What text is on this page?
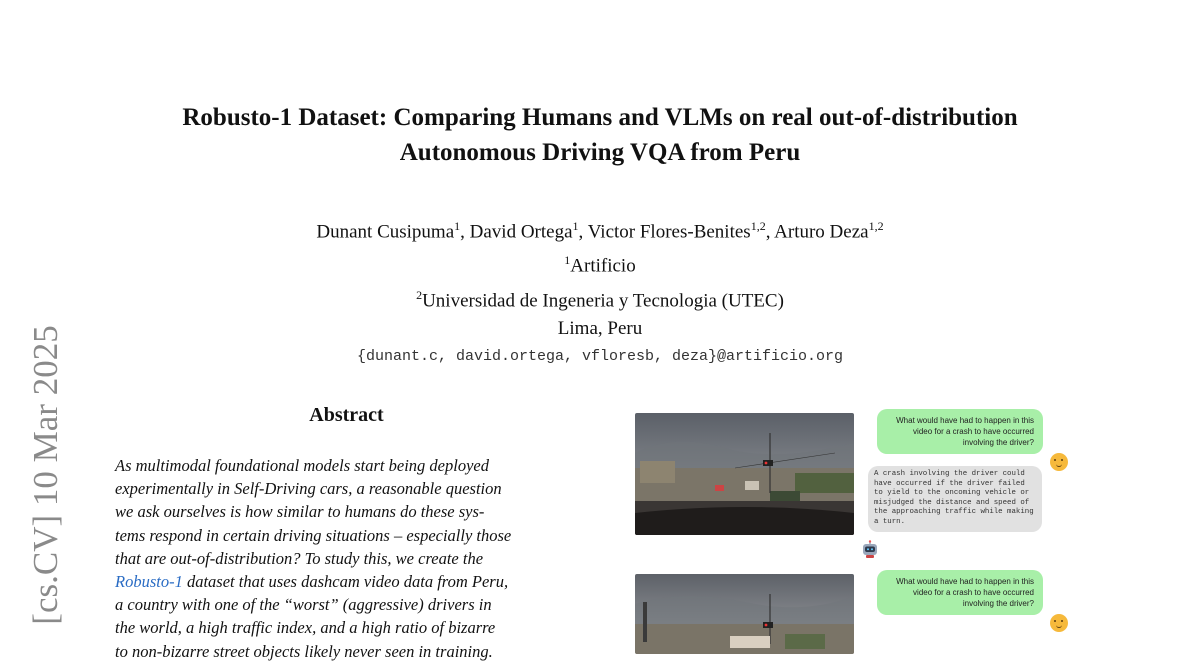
[cs.CV] 10 Mar 2025
Robusto-1 Dataset: Comparing Humans and VLMs on real out-of-distribution
Autonomous Driving VQA from Peru
Dunant Cusipuma$^1$, David Ortega$^1$, Victor Flores-Benites$^{1,2}$, Arturo Deza$^{1,2}$
$^1$Artificio
$^2$Universidad de Ingeneria y Tecnologia (UTEC)
Lima, Peru
{dunant.c, david.ortega, vfloresb, deza}@artificio.org
Abstract
As multimodal foundational models start being deployed
experimentally in Self-Driving cars, a reasonable question
we ask ourselves is how similar to humans do these sys-
tems respond in certain driving situations – especially those
that are out-of-distribution? To study this, we create the
Robusto-1 dataset that uses dashcam video data from Peru,
a country with one of the “worst” (aggressive) drivers in
the world, a high traffic index, and a high ratio of bizarre
to non-bizarre street objects likely never seen in training.
What would have had to happen in this video for a crash to have occurred involving the driver?
A crash involving the driver could have occurred if the driver failed to yield to the oncoming vehicle or misjudged the distance and speed of the approaching traffic while making a turn.
What would have had to happen in this video for a crash to have occurred involving the driver?
